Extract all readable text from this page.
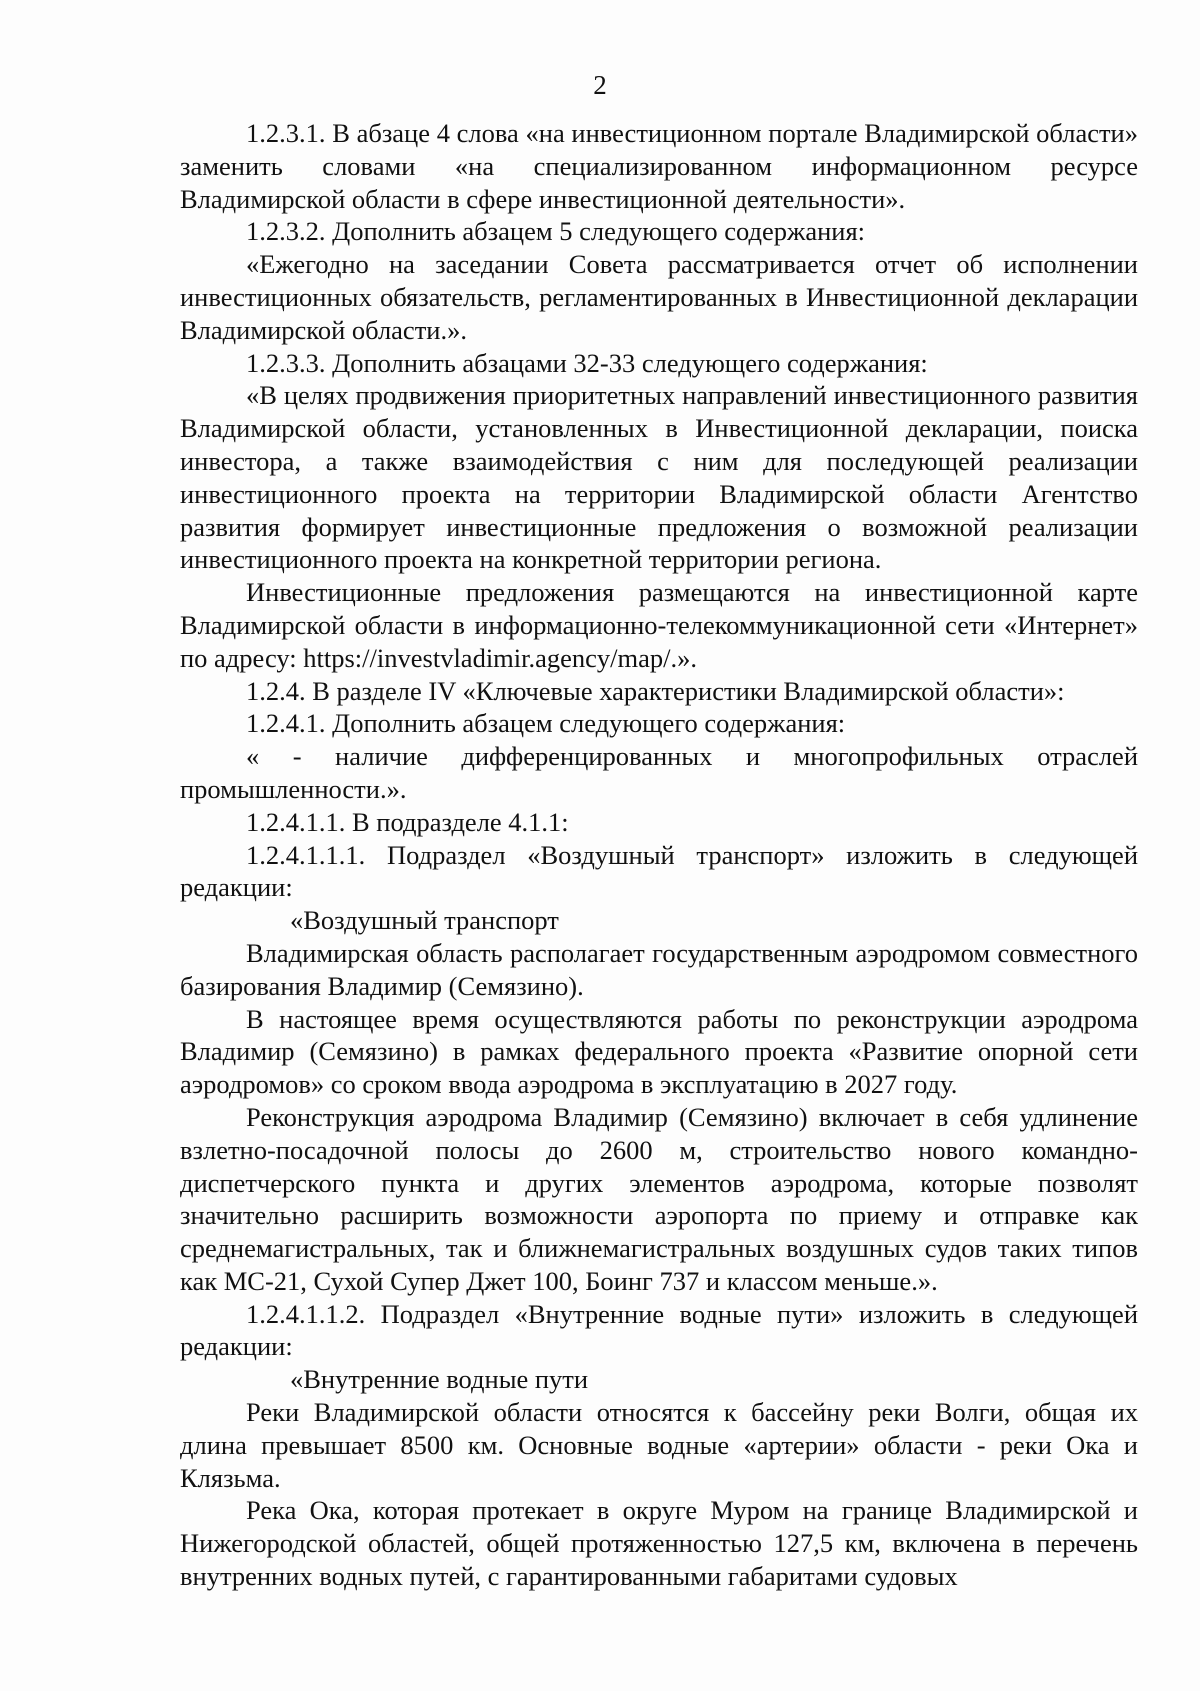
2

1.2.3.1. В абзаце 4 слова «на инвестиционном портале Владимирской области» заменить словами «на специализированном информационном ресурсе Владимирской области в сфере инвестиционной деятельности».

1.2.3.2. Дополнить абзацем 5 следующего содержания:

«Ежегодно на заседании Совета рассматривается отчет об исполнении инвестиционных обязательств, регламентированных в Инвестиционной декларации Владимирской области.».

1.2.3.3. Дополнить абзацами 32-33 следующего содержания:

«В целях продвижения приоритетных направлений инвестиционного развития Владимирской области, установленных в Инвестиционной декларации, поиска инвестора, а также взаимодействия с ним для последующей реализации инвестиционного проекта на территории Владимирской области Агентство развития формирует инвестиционные предложения о возможной реализации инвестиционного проекта на конкретной территории региона.

Инвестиционные предложения размещаются на инвестиционной карте Владимирской области в информационно-телекоммуникационной сети «Интернет» по адресу: https://investvladimir.agency/map/.».

1.2.4. В разделе IV «Ключевые характеристики Владимирской области»:

1.2.4.1. Дополнить абзацем следующего содержания:

« - наличие дифференцированных и многопрофильных отраслей промышленности.».

1.2.4.1.1. В подразделе 4.1.1:

1.2.4.1.1.1. Подраздел «Воздушный транспорт» изложить в следующей редакции:

«Воздушный транспорт

Владимирская область располагает государственным аэродромом совместного базирования Владимир (Семязино).

В настоящее время осуществляются работы по реконструкции аэродрома Владимир (Семязино) в рамках федерального проекта «Развитие опорной сети аэродромов» со сроком ввода аэродрома в эксплуатацию в 2027 году.

Реконструкция аэродрома Владимир (Семязино) включает в себя удлинение взлетно-посадочной полосы до 2600 м, строительство нового командно-диспетчерского пункта и других элементов аэродрома, которые позволят значительно расширить возможности аэропорта по приему и отправке как среднемагистральных, так и ближнемагистральных воздушных судов таких типов как МС-21, Сухой Супер Джет 100, Боинг 737 и классом меньше.».

1.2.4.1.1.2. Подраздел «Внутренние водные пути» изложить в следующей редакции:

«Внутренние водные пути

Реки Владимирской области относятся к бассейну реки Волги, общая их длина превышает 8500 км. Основные водные «артерии» области - реки Ока и Клязьма.

Река Ока, которая протекает в округе Муром на границе Владимирской и Нижегородской областей, общей протяженностью 127,5 км, включена в перечень внутренних водных путей, с гарантированными габаритами судовых
